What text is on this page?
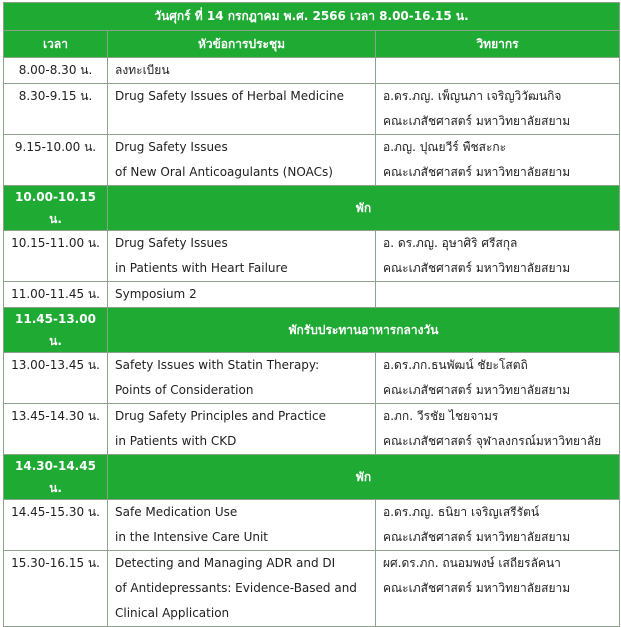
วันศุกร์ ที่ 14 กรกฎาคม พ.ศ. 2566 เวลา 8.00-16.15 น.		
เวลา	หัวข้อการประชุม	วิทยากร
8.00-8.30 น.	ลงทะเบียน	

8.30-9.15 น.	Drug Safety Issues of Herbal Medicine	อ.ดร.ภญ. เพ็ญนภา เจริญวิวัฒนกิจ
คณะเภสัชศาสตร์ มหาวิทยาลัยสยาม

9.15-10.00 น.	Drug Safety Issues
of New Oral Anticoagulants (NOACs)	อ.ภญ. ปุณยวีร์ พืชสะกะ
คณะเภสัชศาสตร์ มหาวิทยาลัยสยาม

10.00-10.15 น.	พัก	
10.15-11.00 น.	Drug Safety Issues
in Patients with Heart Failure	อ. ดร.ภญ. อุษาศิริ ศรีสกุล
คณะเภสัชศาสตร์ มหาวิทยาลัยสยาม

11.00-11.45 น.	Symposium 2	

11.45-13.00 น.	พักรับประทานอาหารกลางวัน	
13.00-13.45 น.	Safety Issues with Statin Therapy:
Points of Consideration	อ.ดร.ภก.ธนพัฒน์ ชัยะโสตถิ
คณะเภสัชศาสตร์ มหาวิทยาลัยสยาม

13.45-14.30 น.	Drug Safety Principles and Practice
in Patients with CKD	อ.ภก. วีรชัย ไชยจามร
คณะเภสัชศาสตร์ จุฬาลงกรณ์มหาวิทยาลัย

14.30-14.45 น.	พัก	
14.45-15.30 น.	Safe Medication Use
in the Intensive Care Unit	อ.ดร.ภญ. ธนิยา เจริญเสรีรัตน์
คณะเภสัชศาสตร์ มหาวิทยาลัยสยาม

15.30-16.15 น.	Detecting and Managing ADR and DI
of Antidepressants: Evidence-Based and
Clinical Application	ผศ.ดร.ภก. ถนอมพงษ์ เสถียรลัคนา
คณะเภสัชศาสตร์ มหาวิทยาลัยสยาม
